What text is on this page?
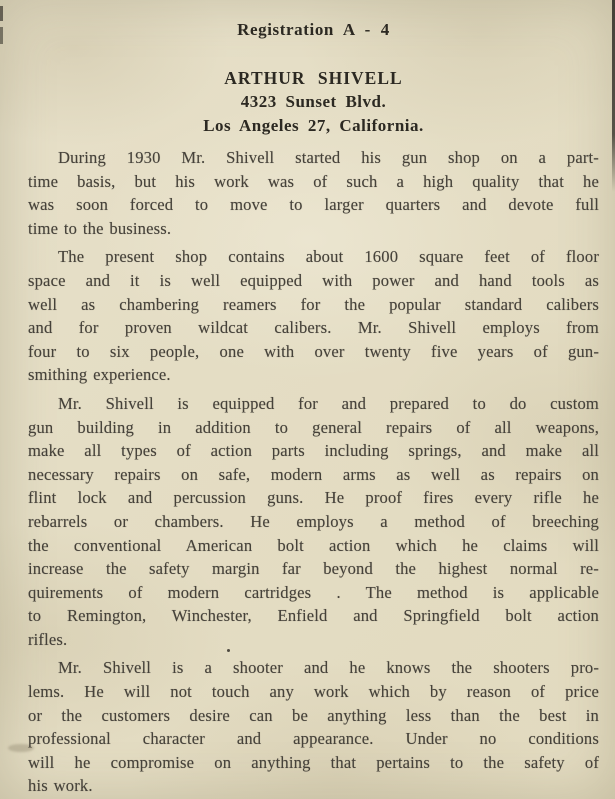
Registration A - 4
ARTHUR SHIVELL
4323 Sunset Blvd.
Los Angeles 27, California.
During 1930 Mr. Shivell started his gun shop on a part-
time basis, but his work was of such a high quality that he
was soon forced to move to larger quarters and devote full
time to the business.
The present shop contains about 1600 square feet of floor
space and it is well equipped with power and hand tools as
well as chambering reamers for the popular standard calibers
and for proven wildcat calibers. Mr. Shivell employs from
four to six people, one with over twenty five years of gun-
smithing experience.
Mr. Shivell is equipped for and prepared to do custom
gun building in addition to general repairs of all weapons,
make all types of action parts including springs, and make all
necessary repairs on safe, modern arms as well as repairs on
flint lock and percussion guns. He proof fires every rifle he
rebarrels or chambers. He employs a method of breeching
the conventional American bolt action which he claims will
increase the safety margin far beyond the highest normal re-
quirements of modern cartridges . The method is applicable
to Remington, Winchester, Enfield and Springfield bolt action
rifles.
Mr. Shivell is a shooter and he knows the shooters pro-
lems. He will not touch any work which by reason of price
or the customers desire can be anything less than the best in
professional character and appearance. Under no conditions
will he compromise on anything that pertains to the safety of
his work.
